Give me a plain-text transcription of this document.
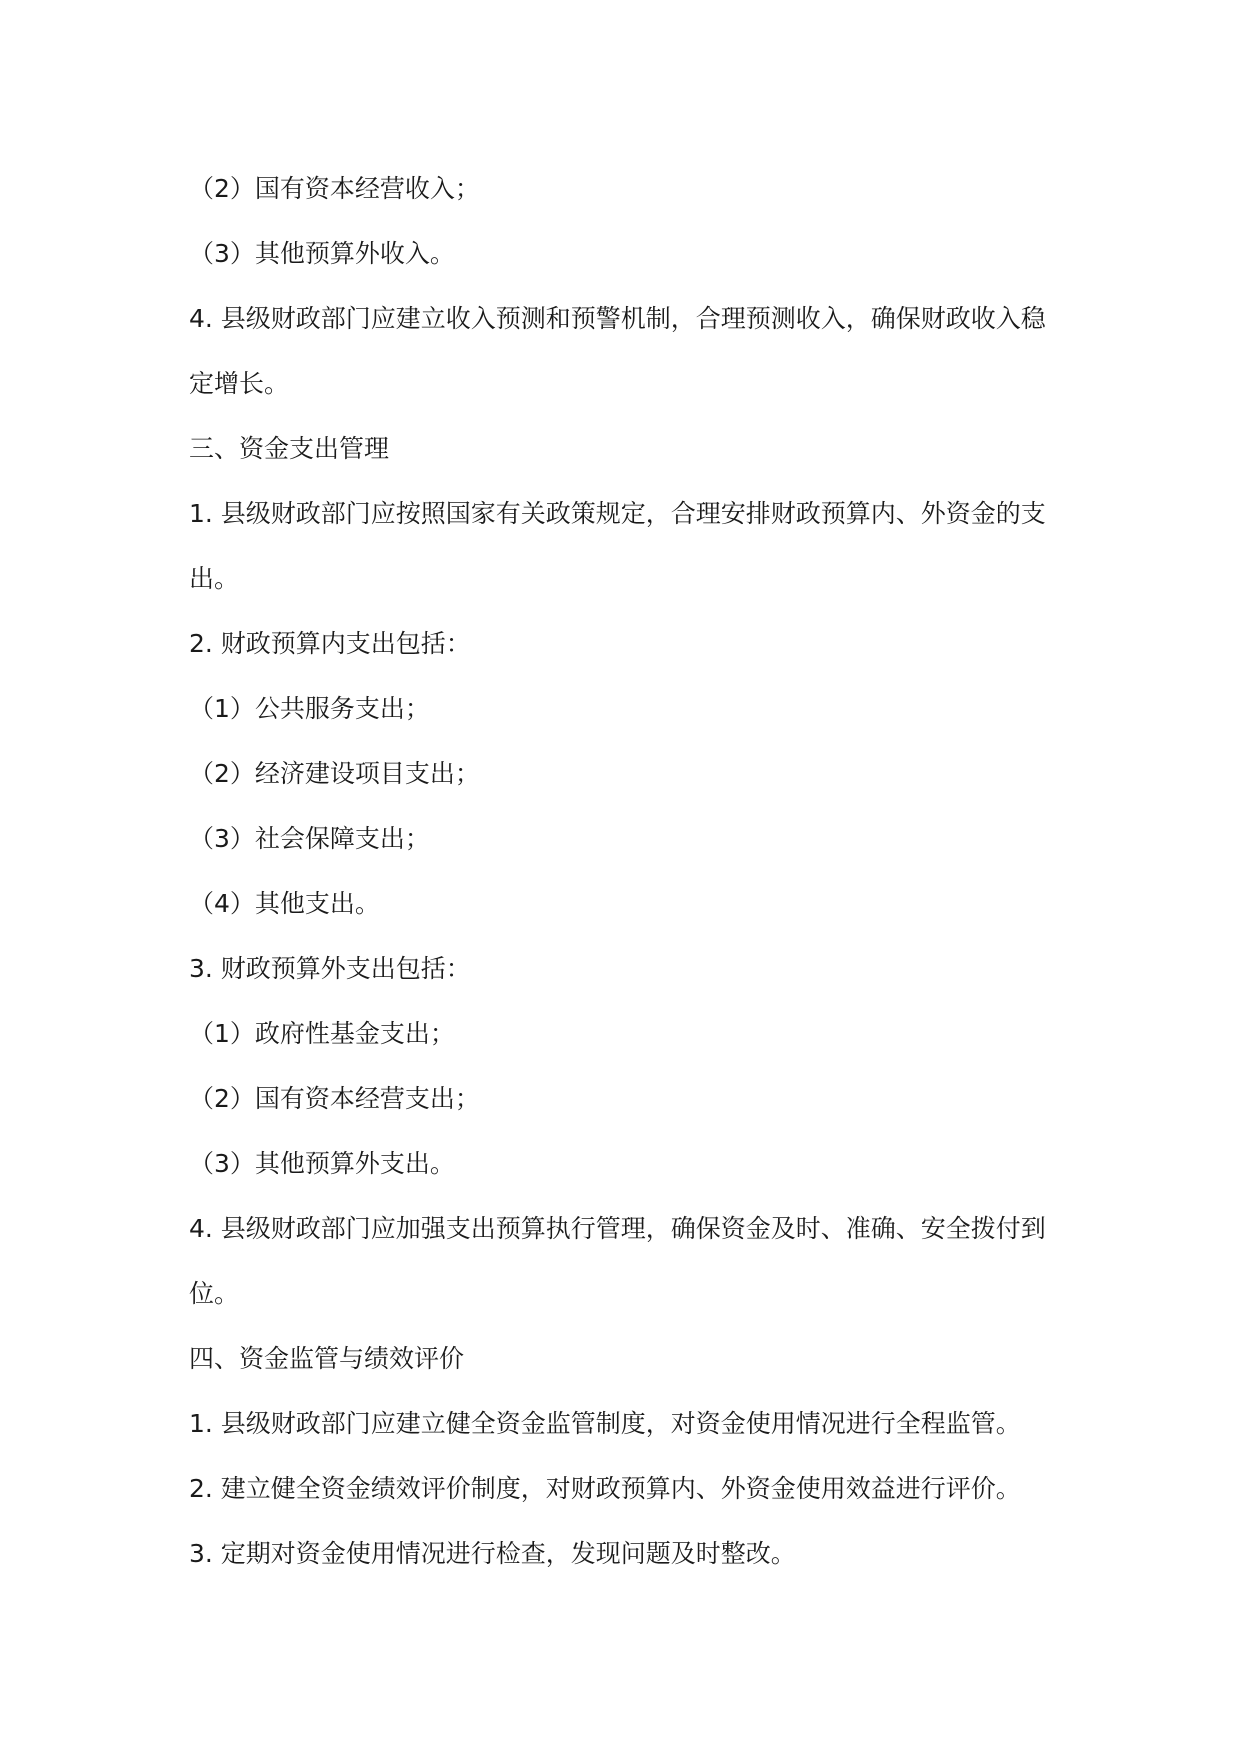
（2）国有资本经营收入；
（3）其他预算外收入。
4. 县级财政部门应建立收入预测和预警机制，合理预测收入，确保财政收入稳
定增长。
三、资金支出管理
1. 县级财政部门应按照国家有关政策规定，合理安排财政预算内、外资金的支
出。
2. 财政预算内支出包括：
（1）公共服务支出；
（2）经济建设项目支出；
（3）社会保障支出；
（4）其他支出。
3. 财政预算外支出包括：
（1）政府性基金支出；
（2）国有资本经营支出；
（3）其他预算外支出。
4. 县级财政部门应加强支出预算执行管理，确保资金及时、准确、安全拨付到
位。
四、资金监管与绩效评价
1. 县级财政部门应建立健全资金监管制度，对资金使用情况进行全程监管。
2. 建立健全资金绩效评价制度，对财政预算内、外资金使用效益进行评价。
3. 定期对资金使用情况进行检查，发现问题及时整改。
